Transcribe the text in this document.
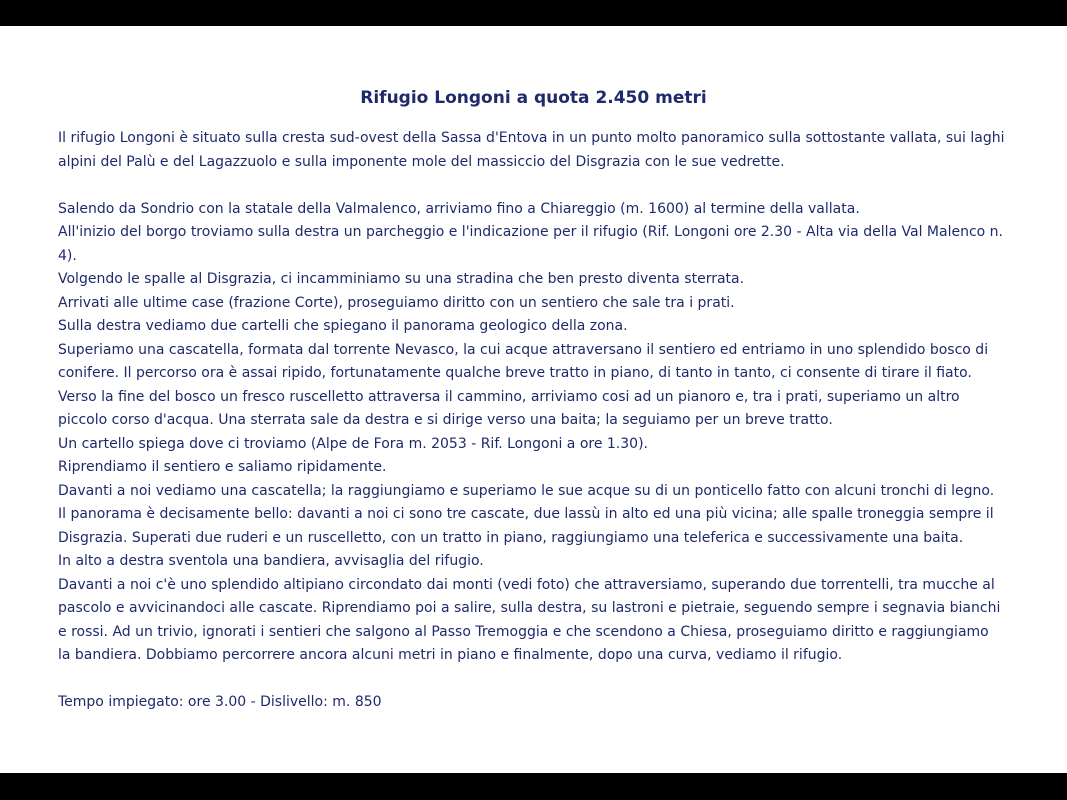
Rifugio Longoni a quota 2.450 metri
Il rifugio Longoni è situato sulla cresta sud-ovest della Sassa d'Entova in un punto molto panoramico sulla sottostante vallata, sui laghi
alpini del Palù e del Lagazzuolo e sulla imponente mole del massiccio del Disgrazia con le sue vedrette.
Salendo da Sondrio con la statale della Valmalenco, arriviamo fino a Chiareggio (m. 1600) al termine della vallata.
All'inizio del borgo troviamo sulla destra un parcheggio e l'indicazione per il rifugio (Rif. Longoni ore 2.30 - Alta via della Val Malenco n.
4).
Volgendo le spalle al Disgrazia, ci incamminiamo su una stradina che ben presto diventa sterrata.
Arrivati alle ultime case (frazione Corte), proseguiamo diritto con un sentiero che sale tra i prati.
Sulla destra vediamo due cartelli che spiegano il panorama geologico della zona.
Superiamo una cascatella, formata dal torrente Nevasco, la cui acque attraversano il sentiero ed entriamo in uno splendido bosco di
conifere. Il percorso ora è assai ripido, fortunatamente qualche breve tratto in piano, di tanto in tanto, ci consente di tirare il fiato.
Verso la fine del bosco un fresco ruscelletto attraversa il cammino, arriviamo cosi ad un pianoro e, tra i prati, superiamo un altro
piccolo corso d'acqua. Una sterrata sale da destra e si dirige verso una baita; la seguiamo per un breve tratto.
Un cartello spiega dove ci troviamo (Alpe de Fora m. 2053 - Rif. Longoni a ore 1.30).
Riprendiamo il sentiero e saliamo ripidamente.
Davanti a noi vediamo una cascatella; la raggiungiamo e superiamo le sue acque su di un ponticello fatto con alcuni tronchi di legno.
Il panorama è decisamente bello: davanti a noi ci sono tre cascate, due lassù in alto ed una più vicina; alle spalle troneggia sempre il
Disgrazia. Superati due ruderi e un ruscelletto, con un tratto in piano, raggiungiamo una teleferica e successivamente una baita.
In alto a destra sventola una bandiera, avvisaglia del rifugio.
Davanti a noi c'è uno splendido altipiano circondato dai monti (vedi foto) che attraversiamo, superando due torrentelli, tra mucche al
pascolo e avvicinandoci alle cascate. Riprendiamo poi a salire, sulla destra, su lastroni e pietraie, seguendo sempre i segnavia bianchi
e rossi. Ad un trivio, ignorati i sentieri che salgono al Passo Tremoggia e che scendono a Chiesa, proseguiamo diritto e raggiungiamo
la bandiera. Dobbiamo percorrere ancora alcuni metri in piano e finalmente, dopo una curva, vediamo il rifugio.
Tempo impiegato: ore 3.00 - Dislivello: m. 850
